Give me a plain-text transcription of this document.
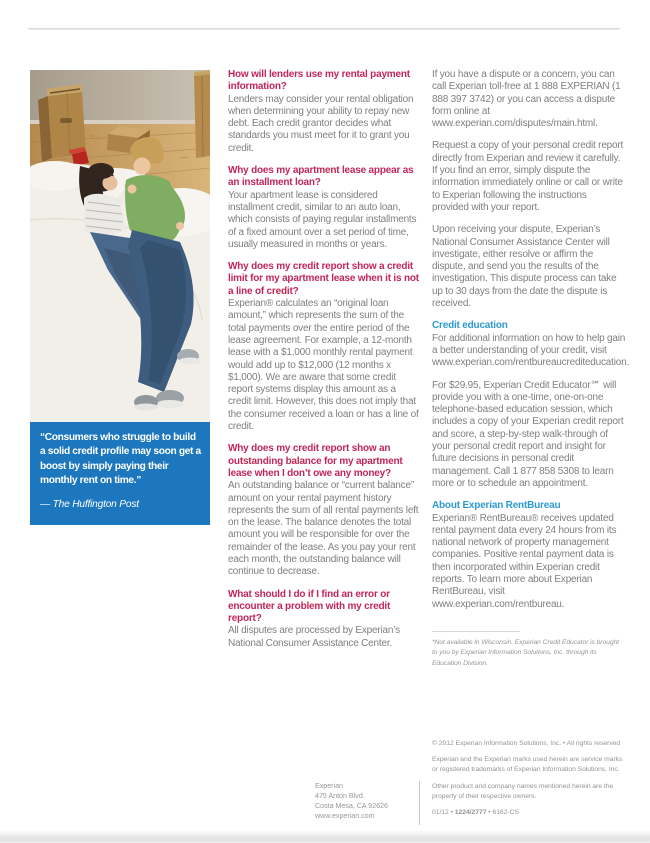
“Consumers who struggle to build a solid credit profile may soon get a boost by simply paying their monthly rent on time.”

— The Huffington Post

How will lenders use my rental payment information?

Lenders may consider your rental obligation when determining your ability to repay new debt. Each credit grantor decides what standards you must meet for it to grant you credit.

Why does my apartment lease appear as an installment loan?

Your apartment lease is considered installment credit, similar to an auto loan, which consists of paying regular installments of a fixed amount over a set period of time, usually measured in months or years.

Why does my credit report show a credit limit for my apartment lease when it is not a line of credit?

Experian® calculates an “original loan amount,” which represents the sum of the total payments over the entire period of the lease agreement. For example, a 12-month lease with a $1,000 monthly rental payment would add up to $12,000 (12 months x $1,000). We are aware that some credit report systems display this amount as a credit limit. However, this does not imply that the consumer received a loan or has a line of credit.

Why does my credit report show an outstanding balance for my apartment lease when I don’t owe any money?

An outstanding balance or “current balance” amount on your rental payment history represents the sum of all rental payments left on the lease. The balance denotes the total amount you will be responsible for over the remainder of the lease. As you pay your rent each month, the outstanding balance will continue to decrease.

What should I do if I find an error or encounter a problem with my credit report?

All disputes are processed by Experian’s National Consumer Assistance Center.

If you have a dispute or a concern, you can call Experian toll-free at 1 888 EXPERIAN (1 888 397 3742) or you can access a dispute form online at www.experian.com/disputes/main.html.

Request a copy of your personal credit report directly from Experian and review it carefully. If you find an error, simply dispute the information immediately online or call or write to Experian following the instructions provided with your report.

Upon receiving your dispute, Experian’s National Consumer Assistance Center will investigate, either resolve or affirm the dispute, and send you the results of the investigation. This dispute process can take up to 30 days from the date the dispute is received.

Credit education

For additional information on how to help gain a better understanding of your credit, visit www.experian.com/rentbureaucrediteducation.

For $29.95, Experian Credit Educator℠ will provide you with a one-time, one-on-one telephone-based education session, which includes a copy of your Experian credit report and score, a step-by-step walk-through of your personal credit report and insight for future decisions in personal credit management. Call 1 877 858 5308 to learn more or to schedule an appointment.

About Experian RentBureau

Experian® RentBureau® receives updated rental payment data every 24 hours from its national network of property management companies. Positive rental payment data is then incorporated within Experian credit reports. To learn more about Experian RentBureau, visit www.experian.com/rentbureau.

*Not available in Wisconsin. Experian Credit Educator is brought to you by Experian Information Solutions, Inc. through its Education Division.

Experian

475 Anton Blvd.

Costa Mesa, CA 92626

www.experian.com

© 2012 Experian Information Solutions, Inc. • All rights reserved

Experian and the Experian marks used herein are service marks or registered trademarks of Experian Information Solutions, Inc.

Other product and company names mentioned herein are the property of their respective owners.

01/12 • 1224/2777 • 6162-CS
